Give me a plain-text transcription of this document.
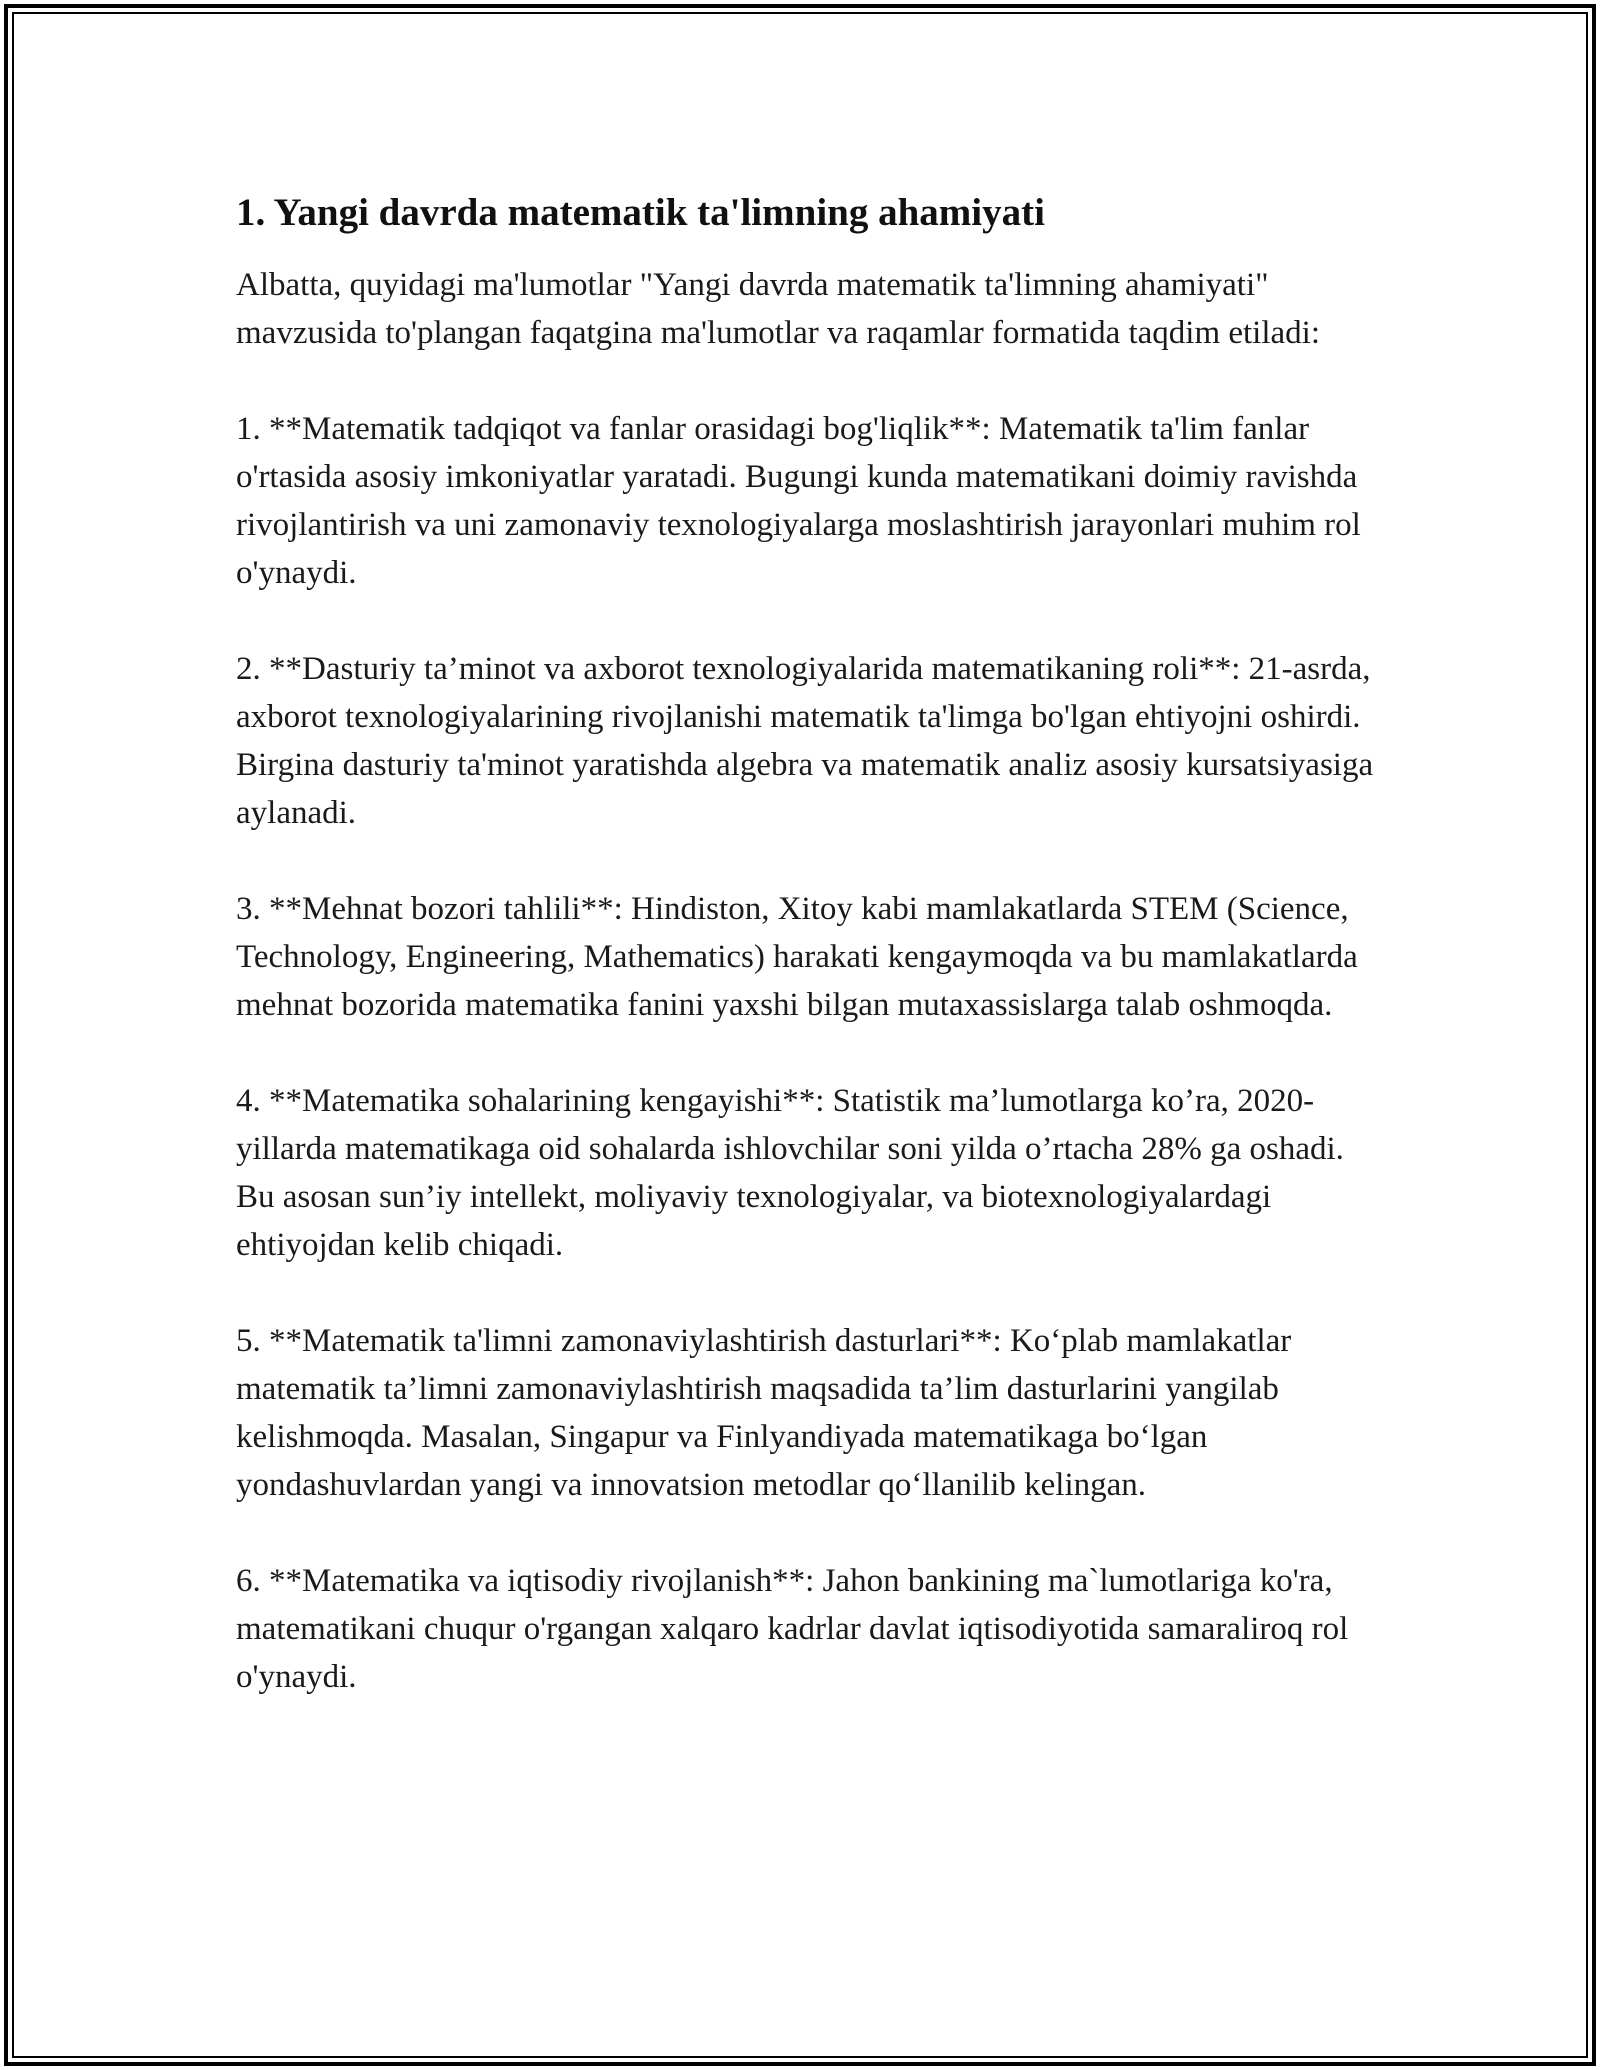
1. Yangi davrda matematik ta'limning ahamiyati

Albatta, quyidagi ma'lumotlar "Yangi davrda matematik ta'limning ahamiyati" mavzusida to'plangan faqatgina ma'lumotlar va raqamlar formatida taqdim etiladi:

1. **Matematik tadqiqot va fanlar orasidagi bog'liqlik**: Matematik ta'lim fanlar o'rtasida asosiy imkoniyatlar yaratadi. Bugungi kunda matematikani doimiy ravishda rivojlantirish va uni zamonaviy texnologiyalarga moslashtirish jarayonlari muhim rol o'ynaydi.

2. **Dasturiy ta’minot va axborot texnologiyalarida matematikaning roli**: 21-asrda, axborot texnologiyalarining rivojlanishi matematik ta'limga bo'lgan ehtiyojni oshirdi. Birgina dasturiy ta'minot yaratishda algebra va matematik analiz asosiy kursatsiyasiga aylanadi.

3. **Mehnat bozori tahlili**: Hindiston, Xitoy kabi mamlakatlarda STEM (Science, Technology, Engineering, Mathematics) harakati kengaymoqda va bu mamlakatlarda mehnat bozorida matematika fanini yaxshi bilgan mutaxassislarga talab oshmoqda.

4. **Matematika sohalarining kengayishi**: Statistik ma’lumotlarga ko’ra, 2020-yillarda matematikaga oid sohalarda ishlovchilar soni yilda o’rtacha 28% ga oshadi. Bu asosan sun’iy intellekt, moliyaviy texnologiyalar, va biotexnologiyalardagi ehtiyojdan kelib chiqadi.

5. **Matematik ta'limni zamonaviylashtirish dasturlari**: Ko‘plab mamlakatlar matematik ta’limni zamonaviylashtirish maqsadida ta’lim dasturlarini yangilab kelishmoqda. Masalan, Singapur va Finlyandiyada matematikaga bo‘lgan yondashuvlardan yangi va innovatsion metodlar qo‘llanilib kelingan.

6. **Matematika va iqtisodiy rivojlanish**: Jahon bankining ma`lumotlariga ko'ra, matematikani chuqur o'rgangan xalqaro kadrlar davlat iqtisodiyotida samaraliroq rol o'ynaydi.
